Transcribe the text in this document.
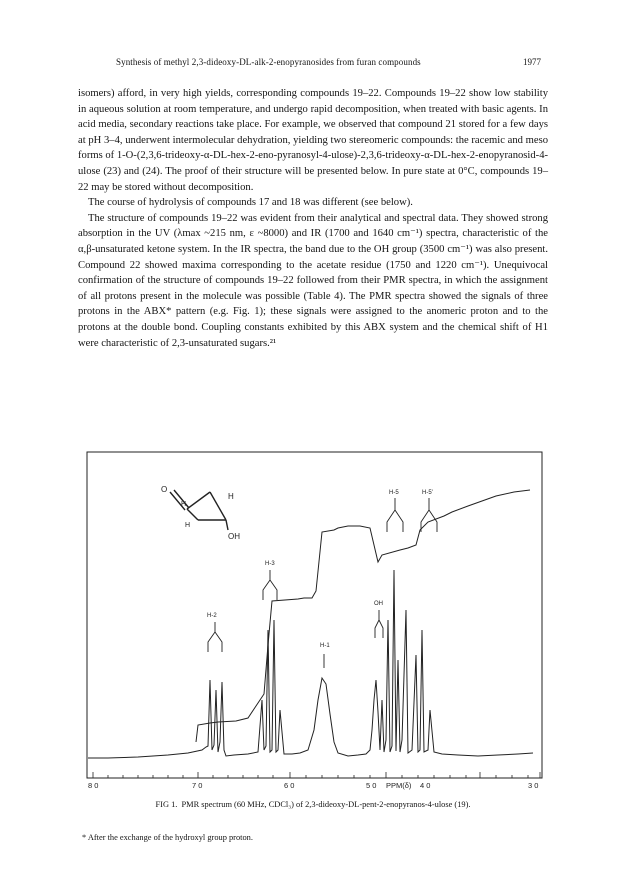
Synthesis of methyl 2,3-dideoxy-DL-alk-2-enopyranosides from furan compounds	1977

isomers) afford, in very high yields, corresponding compounds 19–22. Compounds 19–22 show low stability in aqueous solution at room temperature, and undergo rapid decomposition, when treated with basic agents. In acid media, secondary reactions take place. For example, we observed that compound 21 stored for a few days at pH 3–4, underwent intermolecular dehydration, yielding two stereomeric compounds: the racemic and meso forms of 1-O-(2,3,6-trideoxy-α-DL-hex-2-eno-pyranosyl-4-ulose)-2,3,6-trideoxy-α-DL-hex-2-enopyranosid-4-ulose (23) and (24). The proof of their structure will be presented below. In pure state at 0°C, compounds 19–22 may be stored without decomposition.

The course of hydrolysis of compounds 17 and 18 was different (see below).

The structure of compounds 19–22 was evident from their analytical and spectral data. They showed strong absorption in the UV (λmax ~215 nm, ε ~8000) and IR (1700 and 1640 cm⁻¹) spectra, characteristic of the α,β-unsaturated ketone system. In the IR spectra, the band due to the OH group (3500 cm⁻¹) was also present. Compound 22 showed maxima corresponding to the acetate residue (1750 and 1220 cm⁻¹). Unequivocal confirmation of the structure of compounds 19–22 followed from their PMR spectra, in which the assignment of all protons present in the molecule was possible (Table 4). The PMR spectra showed the signals of three protons in the ABX* pattern (e.g. Fig. 1); these signals were assigned to the anomeric proton and to the protons at the double bond. Coupling constants exhibited by this ABX system and the chemical shift of H1 were characteristic of 2,3-unsaturated sugars.²¹

8 0	7 0	6 0	5 0 PPM(δ) 4 0	3 0
O
H
H
H
OH
H-5	H-5'
H-3
H-2
H-1
OH
FIG 1. PMR spectrum (60 MHz, CDCl₃) of 2,3-dideoxy-DL-pent-2-enopyranos-4-ulose (19).
* After the exchange of the hydroxyl group proton.
